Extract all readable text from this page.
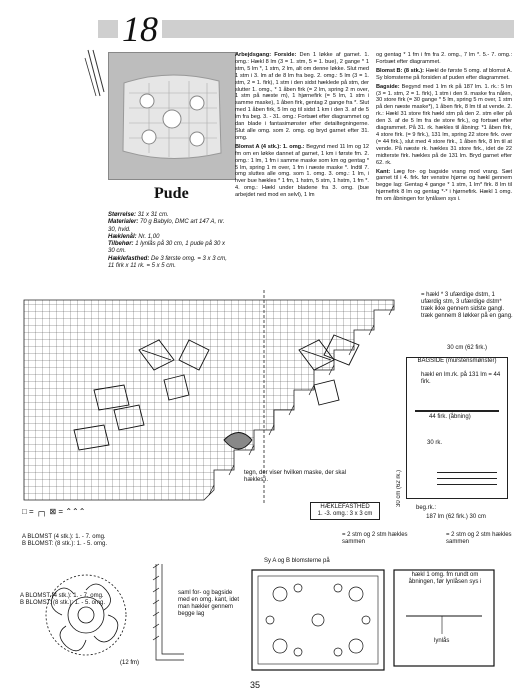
18
Pude
Størrelse: 31 x 31 cm.
Materialer: 70 g Babylo, DMC art 147 A, nr. 30, hvid.
Hæklenål: Nr. 1,00
Tilbehør: 1 lynlås på 30 cm, 1 pude på 30 x 30 cm.
Hæklefasthed: De 3 første omg. = 3 x 3 cm, 11 firk x 11 rk. = 5 x 5 cm.

Arbejdsgang: Forside: Den 1 løkke af garnet. 1. omg.: Hækl 8 lm (3 = 1. stm, 5 = 1. bue), 2 gange * 1 stm, 5 lm *, 1 stm, 2 lm, alt om denne løkke. Slut med 1 stm i 3. lm af de 8 lm fra beg. 2. omg.: 5 lm (3 = 1. stm, 2 = 1. firk), 1 stm i den sidst hæklede på stm, der slutter 1. omg., * 1 åben firk (= 2 lm, spring 2 m over, 1 stm på næste m), 1 hjørnefirk (= 5 lm, 1 stm i samme maske), 1 åben firk, gentag 2 gange fra *. Slut med 1 åben firk, 5 lm og til sidst 1 km i den 3. af de 5 lm fra beg. 3. - 31. omg.: Fortsæt efter diagrammet og dan blade i fantasimønster efter detailtegningerne. Slut alle omg. som 2. omg. og bryd garnet efter 31. omg.

Blomst A (4 stk.): 1. omg.: Begynd med 11 lm og 12 fm om en løkke dannet af garnet, 1 km i første fm. 2. omg.: 1 lm, 1 fm i samme maske som km og gentag * 5 lm, spring 1 m over, 1 fm i næste maske *. Indtil 7. omg sluttes alle omg. som 1. omg. 3. omg.: 1 lm, i hver bue hækles * 1 fm, 1 hstm, 5 stm, 1 hstm, 1 fm *. 4. omg.: Hækl under bladene fra 3. omg. (bue arbejdet ned mod en selvl), 1 lm

og gentag * 1 fm i fm fra 2. omg., 7 lm *. 5.- 7. omg.: Fortsæt efter diagrammet.

Blomst B: (8 stk.): Hækl de første 5 omg. af blomst A. Sy blomsterne på forsiden af puden efter diagrammet.

Bagside: Begynd med 1 lm rk på 187 lm. 1. rk.: 5 lm (3 = 1. stm, 2 = 1. firk), 1 stm i den 9. maske fra nålen, 30 store firk (= 30 gange * 5 lm, spring 5 m over, 1 stm på den næste maske*), 1 åben firk, 8 lm til at vende. 2. rk.: Hækl 31 store firk hækl stm på den 2. stm eller på den 3. af de 5 lm fra de store firk.), og fortsæt efter diagrammet. På 31. rk. hækles til åbning: *1 åben firk, 4 store firk. (= 9 firk.), 131 lm, spring 22 store firk. over (= 44 firk.), slut med 4 store firk., 1 åben firk, 8 lm til at vende. På næste rk. hækles 31 store firk., idet de 22 midterste firk. hækles på de 131 lm. Bryd garnet efter 62. rk.

Kant: Læg for- og bagside vrang mod vrang. Sæt garnet til i 4. firk. før venstre hjørne og hækl gennem begge lag: Gentag 4 gange * 1 stm, 1 lm* firk. 8 lm til hjørnefirk 8 lm og gentag *-* i hjørnefirk. Hækl 1 omg. fm om åbningen for lynlåsen sys i.

□ = ┌┐ ⊠ = ⌃⌃⌃
= hækl * 3 ufærdige dstm, 1 ufærdig stm, 3 ufærdige dstm* træk ikke gennem sidste gangl. træk gennem 8 løkker på en gang.
30 cm (62 firk.)
BAGSIDE (murstensmønster)
hækl en lm.rk. på 131 lm = 44 firk.
44 firk. (åbning)
30 rk.
30 cm (62 rk.)
beg.rk.:
187 lm (62 firk.) 30 cm
tegn, der viser hvilken maske, der skal hækles i.
HÆKLEFASTHED
1. -3. omg.: 3 x 3 cm
= 2 stm og 2 stm hækles sammen
= 2 stm og 2 stm hækles sammen
A BLOMST (4 stk.): 1. - 7. omg.
B BLOMST: (8 stk.): 1. - 5. omg.
(12 fm)
A BLOMST (4 stk.): 1. - 7. omg.
B BLOMST: (8 stk.): 1. - 5. omg.
saml for- og bagside med en omg. kant, idet man hækler gennem begge lag
Sy A og B blomsterne på
hækl 1 omg. fm rundt om åbningen, før lynlåsen sys i
lynlås
35
